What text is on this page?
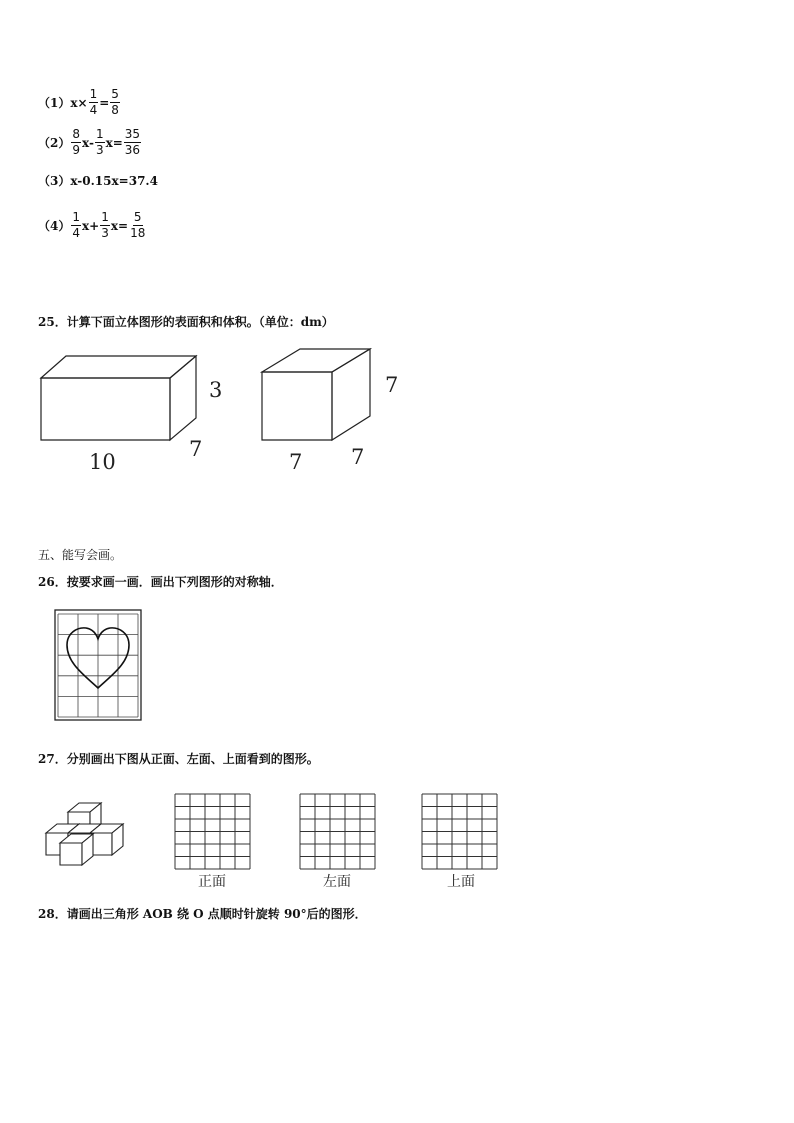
（1） $x\times \frac{1}{4} = \frac{5}{8}$
$(2) \frac{8}{9} x- \frac{1}{3} x= \frac{35}{36}$
（3） x-0.15x=37.4
$(4) \frac{1}{4} x+ \frac{1}{3} x= \frac{5}{18}$
25．计算下面立体图形的表面积和体积。（单位：dm）
10
7
3
7 7
7
五、能写会画。
26．按要求画一画．画出下列图形的对称轴．
27．分别画出下图从正面、左面、上面看到的图形。
正面	左面	上面
28．请画出三角形 AOB 绕 O 点顺时针旋转 90°后的图形．
